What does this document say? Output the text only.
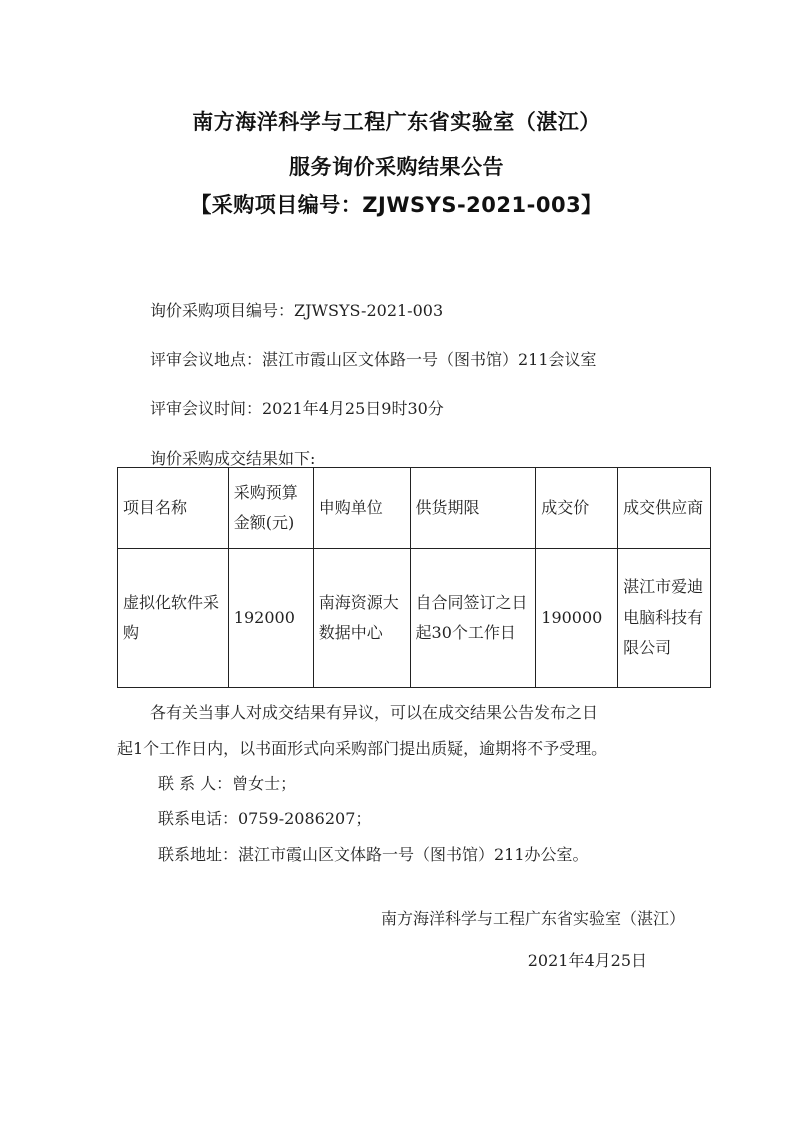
南方海洋科学与工程广东省实验室（湛江）
服务询价采购结果公告
【采购项目编号：ZJWSYS-2021-003】
询价采购项目编号：ZJWSYS-2021-003
评审会议地点：湛江市霞山区文体路一号（图书馆）211会议室
评审会议时间：2021年4月25日9时30分
询价采购成交结果如下:
项目名称	采购预算金额(元)	申购单位	供货期限	成交价	成交供应商
虚拟化软件采购	192000	南海资源大数据中心	自合同签订之日起30个工作日	190000	湛江市爱迪电脑科技有限公司
各有关当事人对成交结果有异议，可以在成交结果公告发布之日
起1个工作日内，以书面形式向采购部门提出质疑，逾期将不予受理。
联 系 人：曾女士；
联系电话：0759-2086207；
联系地址：湛江市霞山区文体路一号（图书馆）211办公室。
南方海洋科学与工程广东省实验室（湛江）
2021年4月25日
